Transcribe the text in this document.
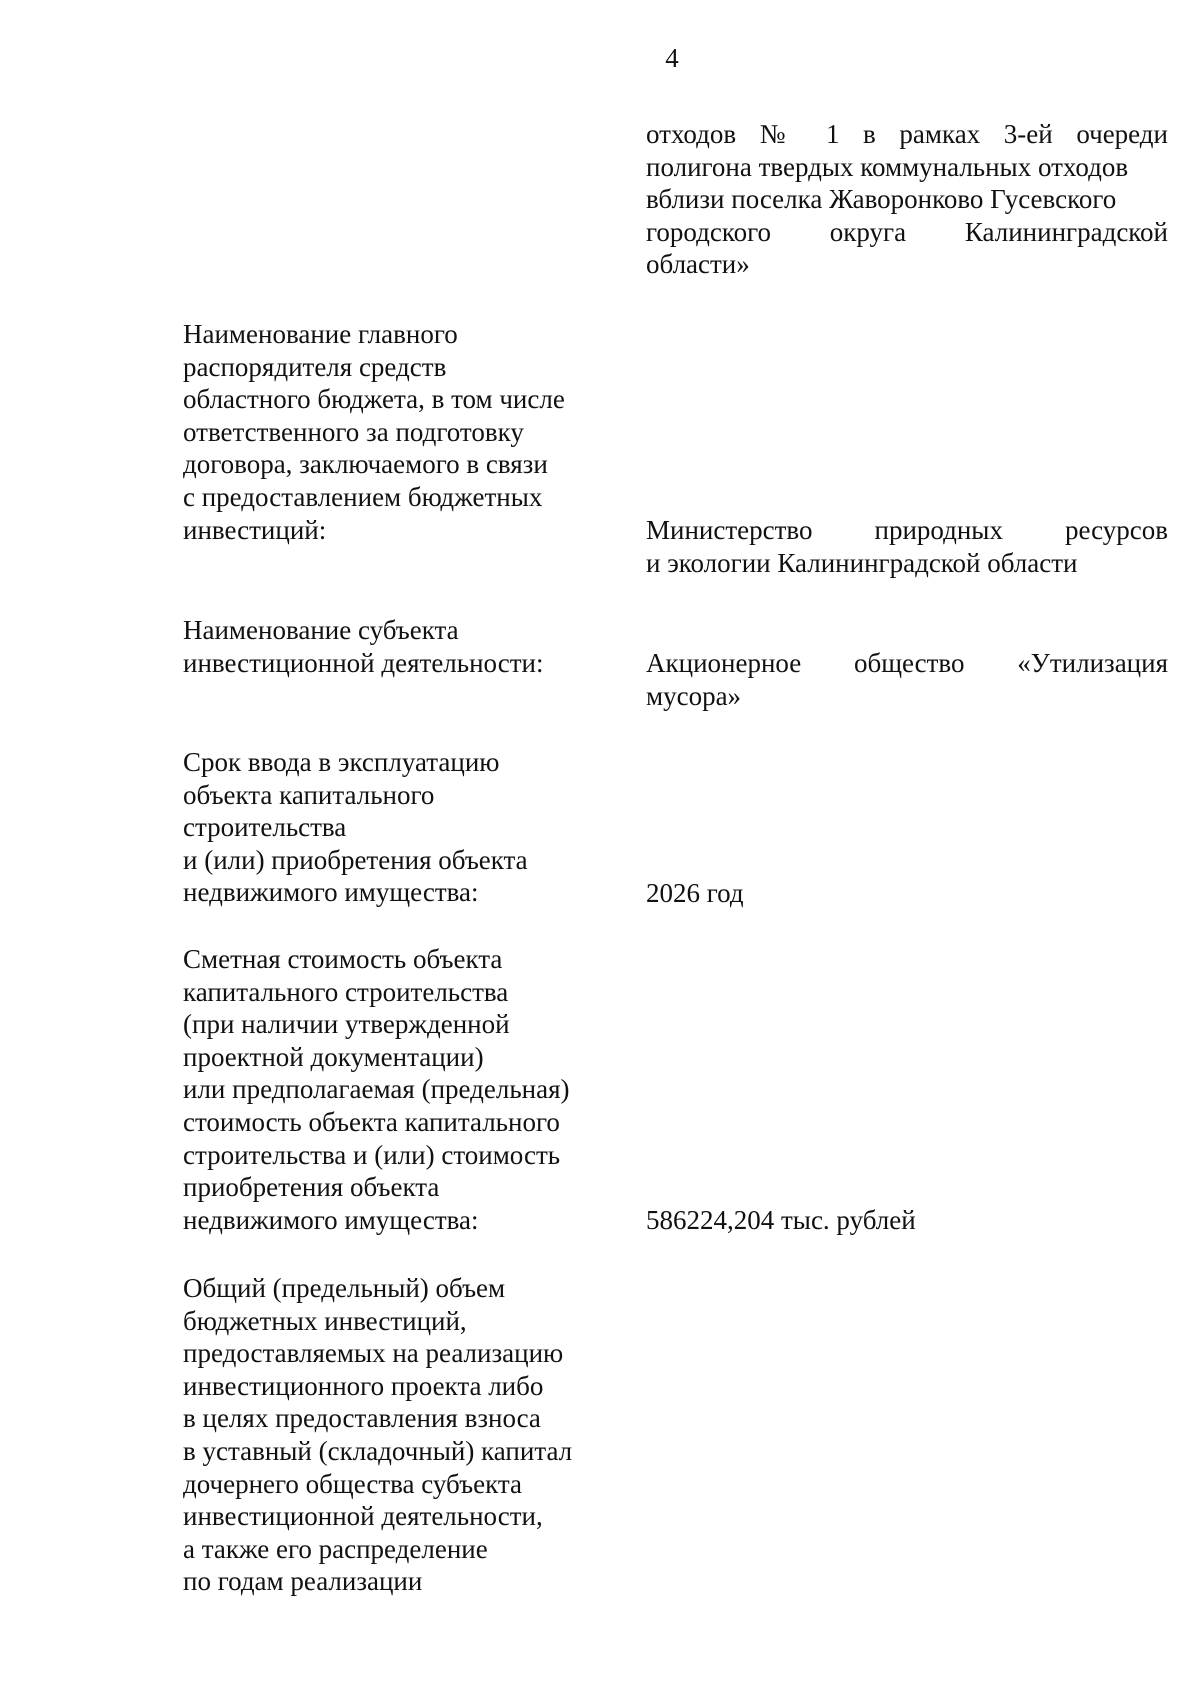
4
отходов № 1 в рамках 3-ей очереди
полигона твердых коммунальных отходов
вблизи поселка Жаворонково Гусевского
городского округа Калининградской
области»
Наименование главного
распорядителя средств
областного бюджета, в том числе
ответственного за подготовку
договора, заключаемого в связи
с предоставлением бюджетных
инвестиций:	Министерство природных ресурсов
и экологии Калининградской области
Наименование субъекта
инвестиционной деятельности:	Акционерное общество «Утилизация
мусора»
Срок ввода в эксплуатацию
объекта капитального
строительства
и (или) приобретения объекта
недвижимого имущества:	2026 год
Сметная стоимость объекта
капитального строительства
(при наличии утвержденной
проектной документации)
или предполагаемая (предельная)
стоимость объекта капитального
строительства и (или) стоимость
приобретения объекта
недвижимого имущества:	586224,204 тыс. рублей
Общий (предельный) объем
бюджетных инвестиций,
предоставляемых на реализацию
инвестиционного проекта либо
в целях предоставления взноса
в уставный (складочный) капитал
дочернего общества субъекта
инвестиционной деятельности,
а также его распределение
по годам реализации
